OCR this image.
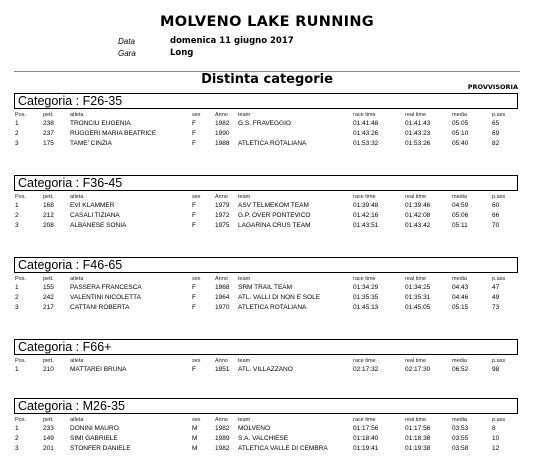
MOLVENO LAKE RUNNING
Data	domenica 11 giugno 2017
Gara	Long
Distinta categorie	PROVVISORIA
Categoria : F26-35
Pos.	pett.	atleta	sex	Anno team	race time	real time	media	p.ass
1	238 TRONCIU EUGENIA	F	1982 G.S. FRAVEGGIO	01:41:48	01:41:43	05:05	65
2	237 RUGGERI MARIA BEATRICE	F	1990	01:43:26	01:43:23	05:10	69
3	175 TAME' CINZIA	F	1988 ATLETICA ROTALIANA	01:53:32	01:53:26	05:40	82
Categoria : F36-45
Pos.	pett.	atleta	sex	Anno team	race time	real time	media	p.ass
1	168 EVI KLAMMER	F	1979 ASV TELMEKOM TEAM	01:39:48	01:39:46	04:59	60
2	212 CASALI TIZIANA	F	1972 G.P. OVER PONTEVICO	01:42:16	01:42:08	05:06	66
3	208 ALBANESE SONIA	F	1975 LAGARINA CRUS TEAM	01:43:51	01:43:42	05:11	70
Categoria : F46-65
Pos.	pett.	atleta	sex	Anno team	race time	real time	media	p.ass
1	155 PASSERA FRANCESCA	F	1968 SRM TRAIL TEAM	01:34:29	01:34:25	04:43	47
2	242 VALENTINI NICOLETTA	F	1964 ATL. VALLI DI NON E SOLE	01:35:35	01:35:31	04:46	49
3	217 CATTANI ROBERTA	F	1970 ATLETICA ROTALIANA	01:45:13	01:45:05	05:15	73
Categoria : F66+
Pos.	pett.	atleta	sex	Anno team	race time	real time	media	p.ass
1	210 MATTAREI BRUNA	F	1951 ATL. VILLAZZANO	02:17:32	02:17:30	06:52	98
Categoria : M26-35
Pos.	pett.	atleta	sex	Anno team	race time	real time	media	p.ass
1	233 DONINI MAURO	M	1982 MOLVENO	01:17:56	01:17:56	03:53	8
2	149 SIMI GABRIELE	M	1989 S.A. VALCHIESE	01:18:40	01:18:38	03:55	10
3	201 STONFER DANIELE	M	1982 ATLETICA VALLE DI CEMBRA	01:19:41	01:19:38	03:58	12
